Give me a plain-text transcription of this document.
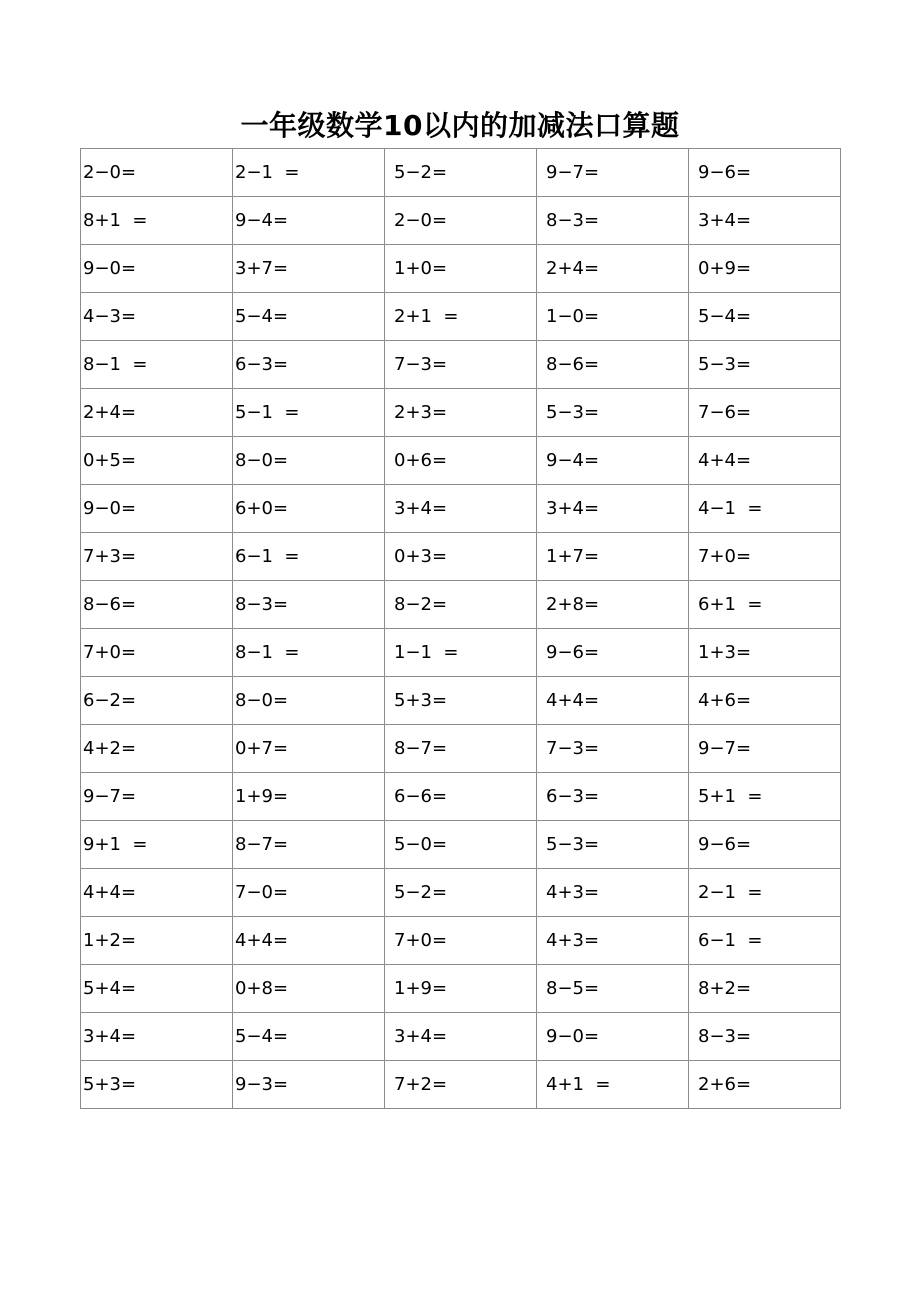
一年级数学10以内的加减法口算题
2−0=	2−1  =	5−2=	9−7=	9−6=
8+1  =	9−4=	2−0=	8−3=	3+4=
9−0=	3+7=	1+0=	2+4=	0+9=
4−3=	5−4=	2+1  =	1−0=	5−4=
8−1  =	6−3=	7−3=	8−6=	5−3=
2+4=	5−1  =	2+3=	5−3=	7−6=
0+5=	8−0=	0+6=	9−4=	4+4=
9−0=	6+0=	3+4=	3+4=	4−1  =
7+3=	6−1  =	0+3=	1+7=	7+0=
8−6=	8−3=	8−2=	2+8=	6+1  =
7+0=	8−1  =	1−1  =	9−6=	1+3=
6−2=	8−0=	5+3=	4+4=	4+6=
4+2=	0+7=	8−7=	7−3=	9−7=
9−7=	1+9=	6−6=	6−3=	5+1  =
9+1  =	8−7=	5−0=	5−3=	9−6=
4+4=	7−0=	5−2=	4+3=	2−1  =
1+2=	4+4=	7+0=	4+3=	6−1  =
5+4=	0+8=	1+9=	8−5=	8+2=
3+4=	5−4=	3+4=	9−0=	8−3=
5+3=	9−3=	7+2=	4+1  =	2+6=
